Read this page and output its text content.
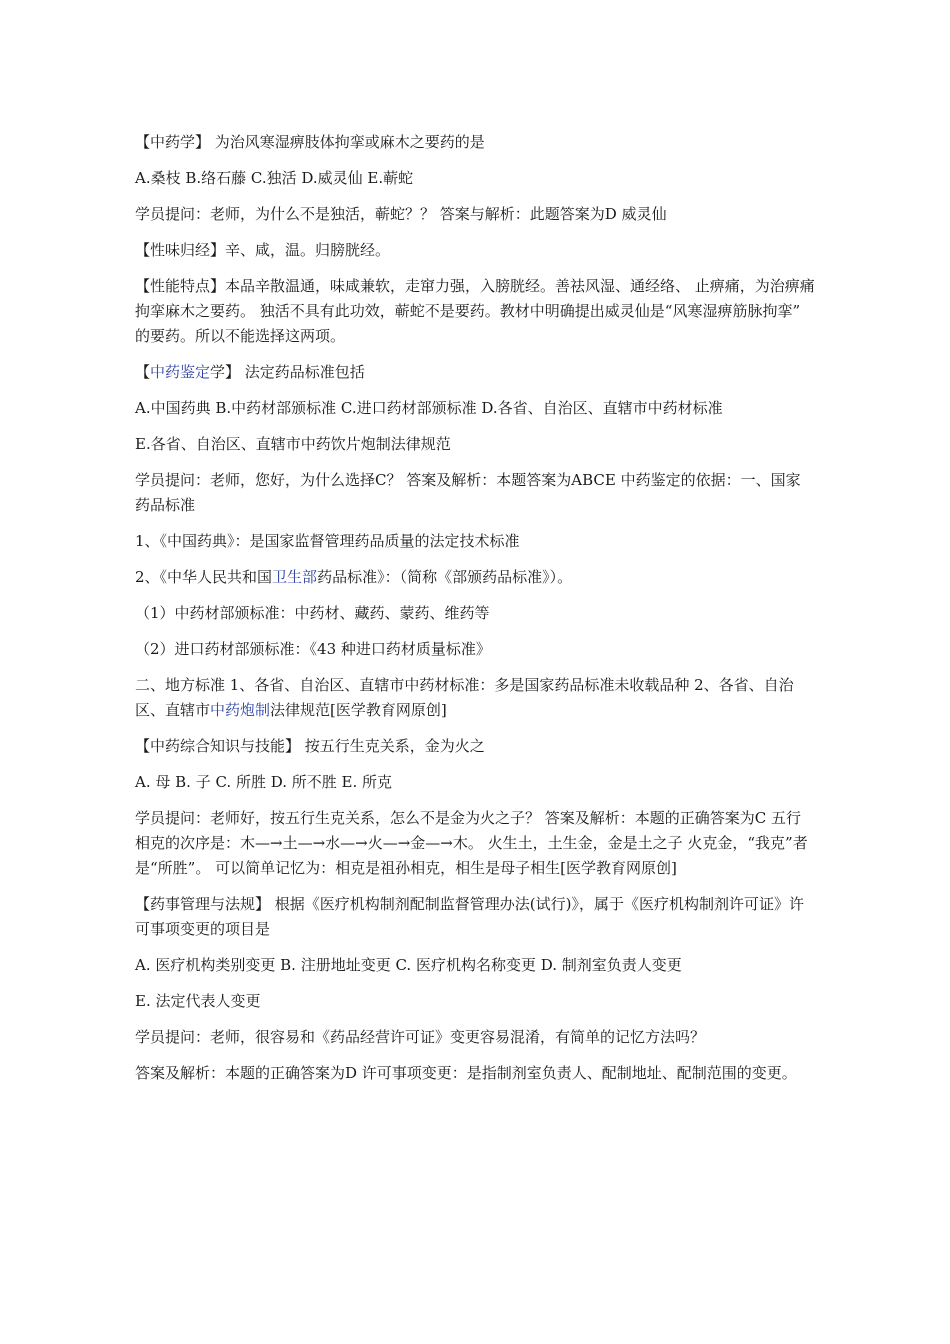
【中药学】 为治风寒湿痹肢体拘挛或麻木之要药的是

A.桑枝 B.络石藤 C.独活 D.威灵仙 E.蕲蛇

学员提问：老师，为什么不是独活，蕲蛇？？ 答案与解析：此题答案为D 威灵仙

【性味归经】辛、咸，温。归膀胱经。

【性能特点】本品辛散温通，味咸兼软，走窜力强，入膀胱经。善祛风湿、通经络、 止痹痛，为治痹痛拘挛麻木之要药。 独活不具有此功效，蕲蛇不是要药。教材中明确提出威灵仙是“风寒湿痹筋脉拘挛” 的要药。所以不能选择这两项。

【中药鉴定学】 法定药品标准包括

A.中国药典 B.中药材部颁标准 C.进口药材部颁标准 D.各省、自治区、直辖市中药材标准

E.各省、自治区、直辖市中药饮片炮制法律规范

学员提问：老师，您好，为什么选择C？ 答案及解析：本题答案为ABCE 中药鉴定的依据：一、国家药品标准

1、《中国药典》：是国家监督管理药品质量的法定技术标准

2、《中华人民共和国卫生部药品标准》：（简称《部颁药品标准》）。

（1）中药材部颁标准：中药材、藏药、蒙药、维药等

（2）进口药材部颁标准：《43 种进口药材质量标准》

二、地方标准 1、各省、自治区、直辖市中药材标准：多是国家药品标准未收载品种 2、各省、自治区、直辖市中药炮制法律规范[医学教育网原创]

【中药综合知识与技能】 按五行生克关系，金为火之

A. 母 B. 子 C. 所胜 D. 所不胜 E. 所克

学员提问：老师好，按五行生克关系，怎么不是金为火之子？ 答案及解析：本题的正确答案为C 五行相克的次序是：木—→土—→水—→火—→金—→木。 火生土，土生金，金是土之子 火克金，“我克”者是“所胜”。 可以简单记忆为：相克是祖孙相克，相生是母子相生[医学教育网原创]

【药事管理与法规】 根据《医疗机构制剂配制监督管理办法(试行)》，属于《医疗机构制剂许可证》许可事项变更的项目是

A. 医疗机构类别变更 B. 注册地址变更 C. 医疗机构名称变更 D. 制剂室负责人变更

E. 法定代表人变更

学员提问：老师，很容易和《药品经营许可证》变更容易混淆，有简单的记忆方法吗？

答案及解析：本题的正确答案为D 许可事项变更：是指制剂室负责人、配制地址、配制范围的变更。
